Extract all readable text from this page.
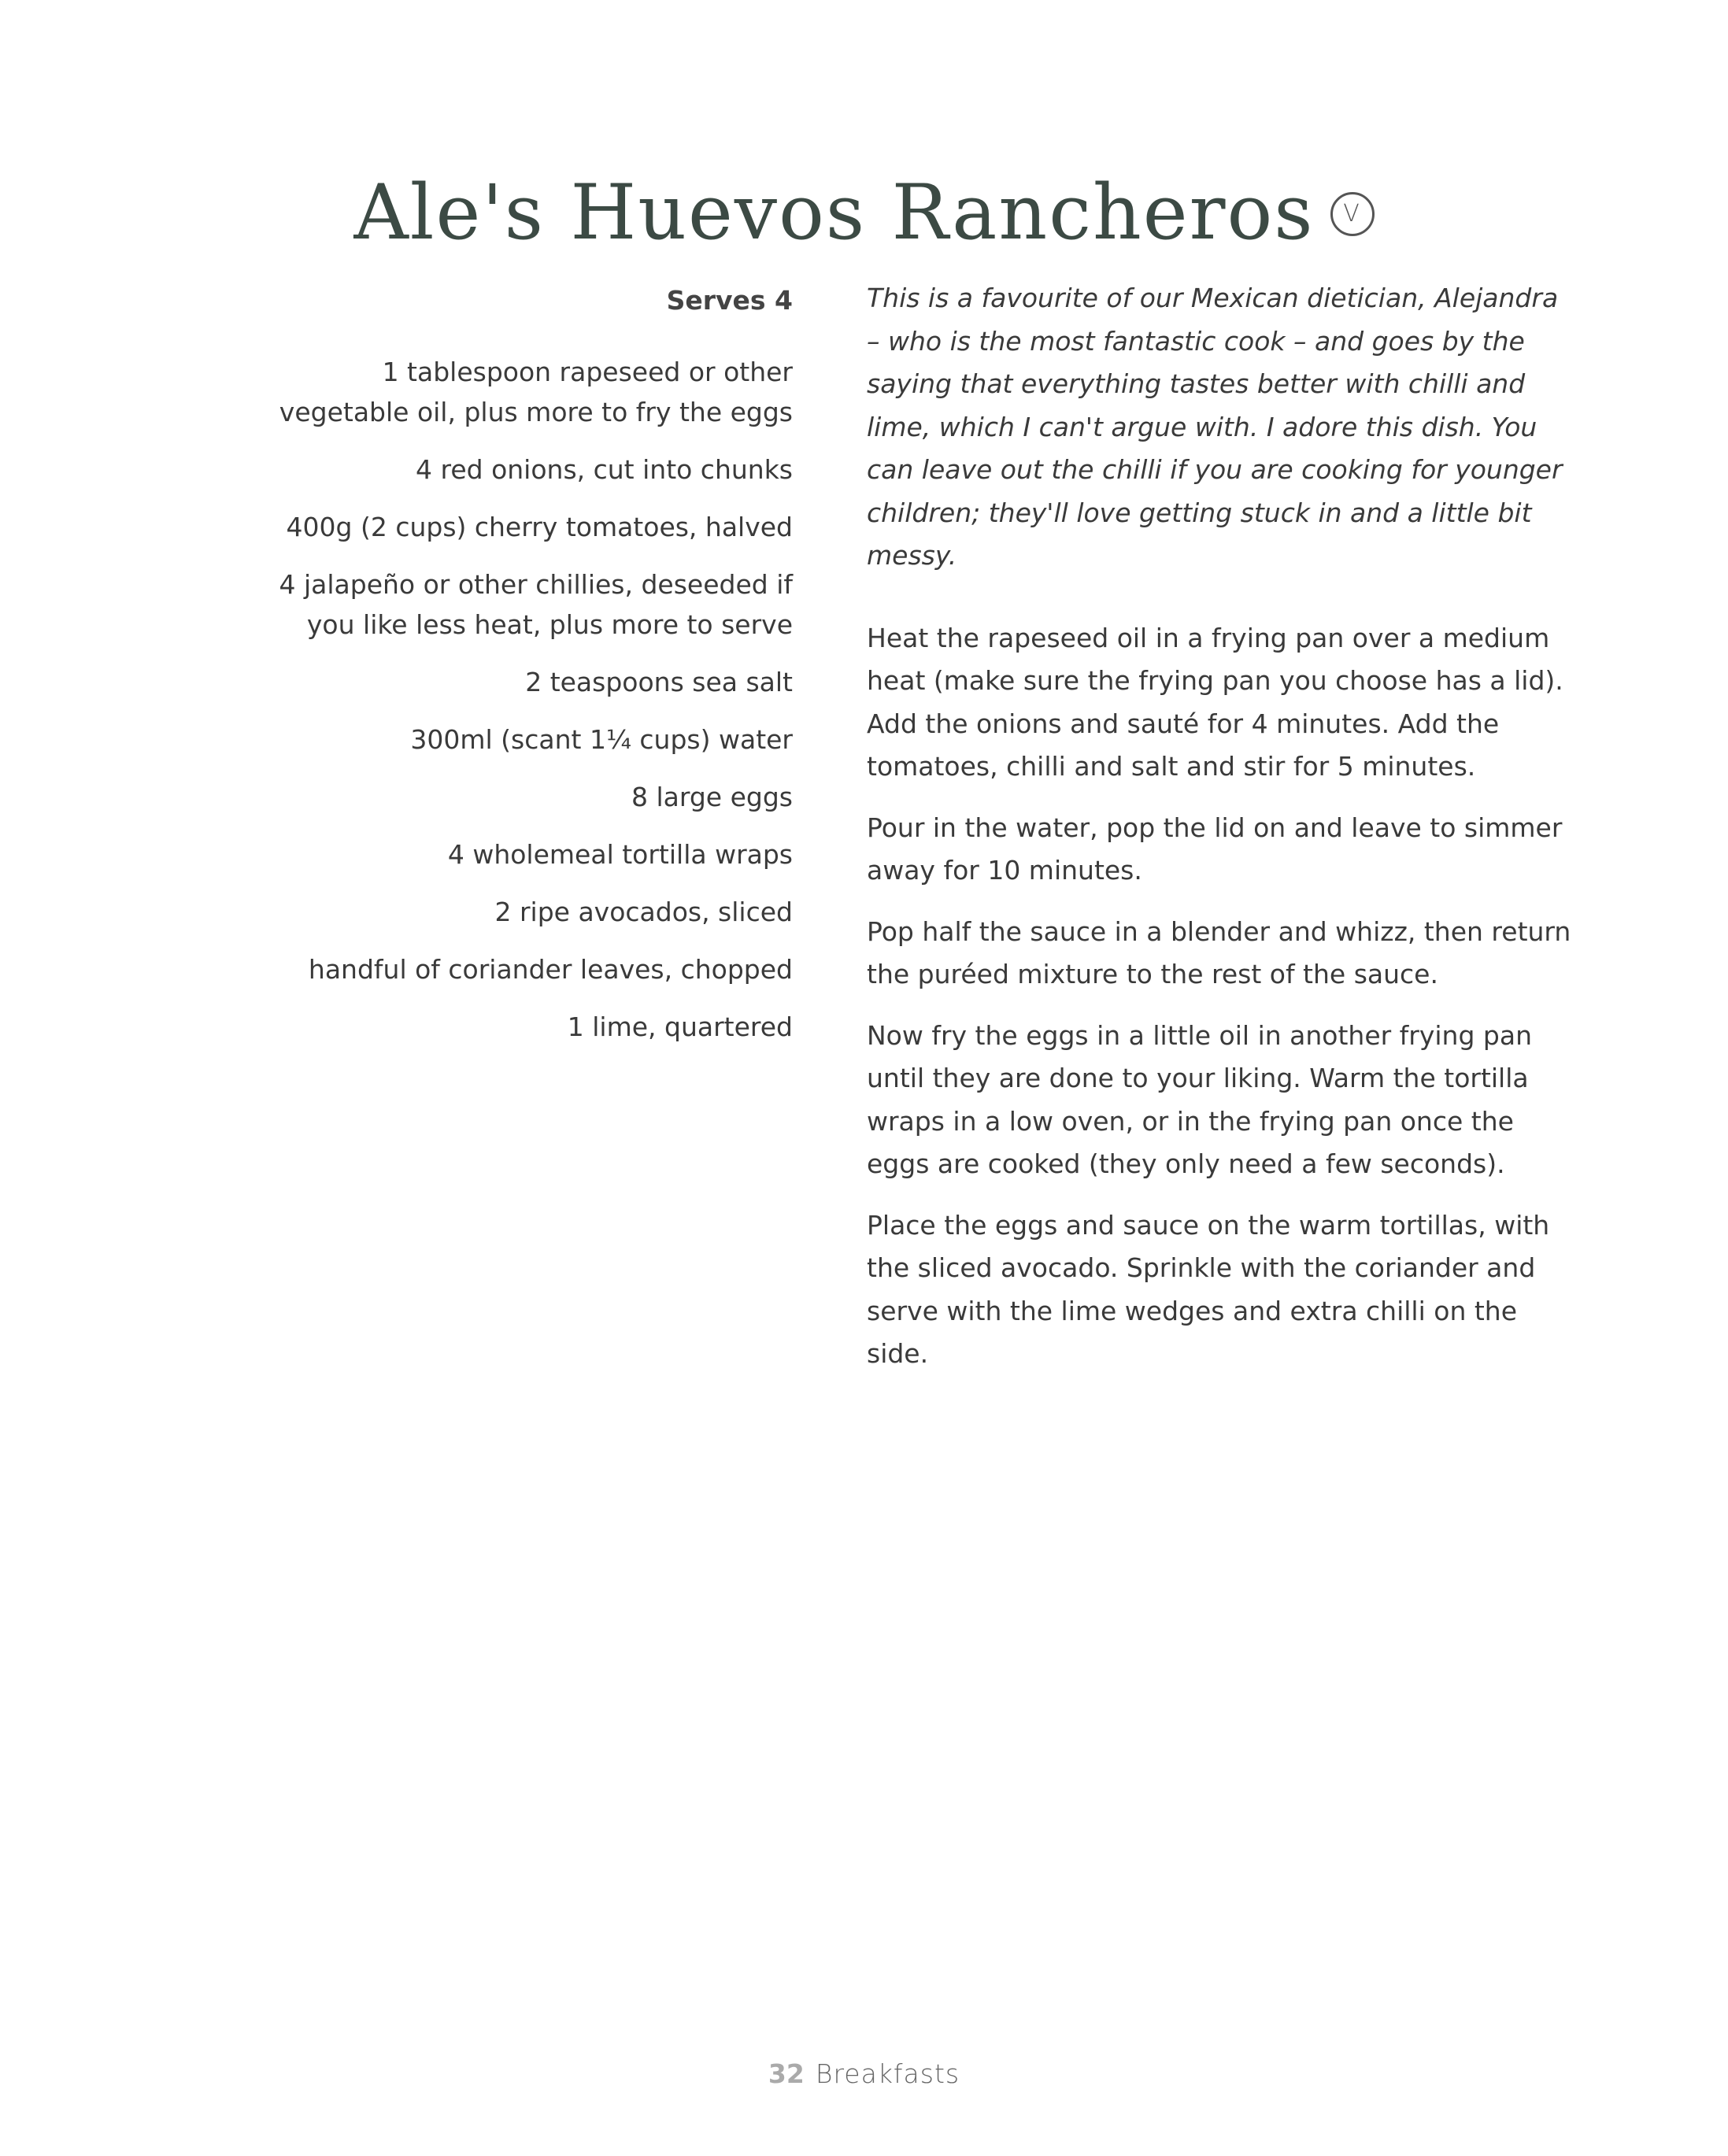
Ale's Huevos Rancheros V
Serves 4
1 tablespoon rapeseed or other
vegetable oil, plus more to fry the eggs
4 red onions, cut into chunks
400g (2 cups) cherry tomatoes, halved
4 jalapeño or other chillies, deseeded if
you like less heat, plus more to serve
2 teaspoons sea salt
300ml (scant 1¼ cups) water
8 large eggs
4 wholemeal tortilla wraps
2 ripe avocados, sliced
handful of coriander leaves, chopped
1 lime, quartered
This is a favourite of our Mexican dietician, Alejandra – who is the most fantastic cook – and goes by the saying that everything tastes better with chilli and lime, which I can't argue with. I adore this dish. You can leave out the chilli if you are cooking for younger children; they'll love getting stuck in and a little bit messy.
Heat the rapeseed oil in a frying pan over a medium heat (make sure the frying pan you choose has a lid). Add the onions and sauté for 4 minutes. Add the tomatoes, chilli and salt and stir for 5 minutes.
Pour in the water, pop the lid on and leave to simmer away for 10 minutes.
Pop half the sauce in a blender and whizz, then return the puréed mixture to the rest of the sauce.
Now fry the eggs in a little oil in another frying pan until they are done to your liking. Warm the tortilla wraps in a low oven, or in the frying pan once the eggs are cooked (they only need a few seconds).
Place the eggs and sauce on the warm tortillas, with the sliced avocado. Sprinkle with the coriander and serve with the lime wedges and extra chilli on the side.
32 Breakfasts
